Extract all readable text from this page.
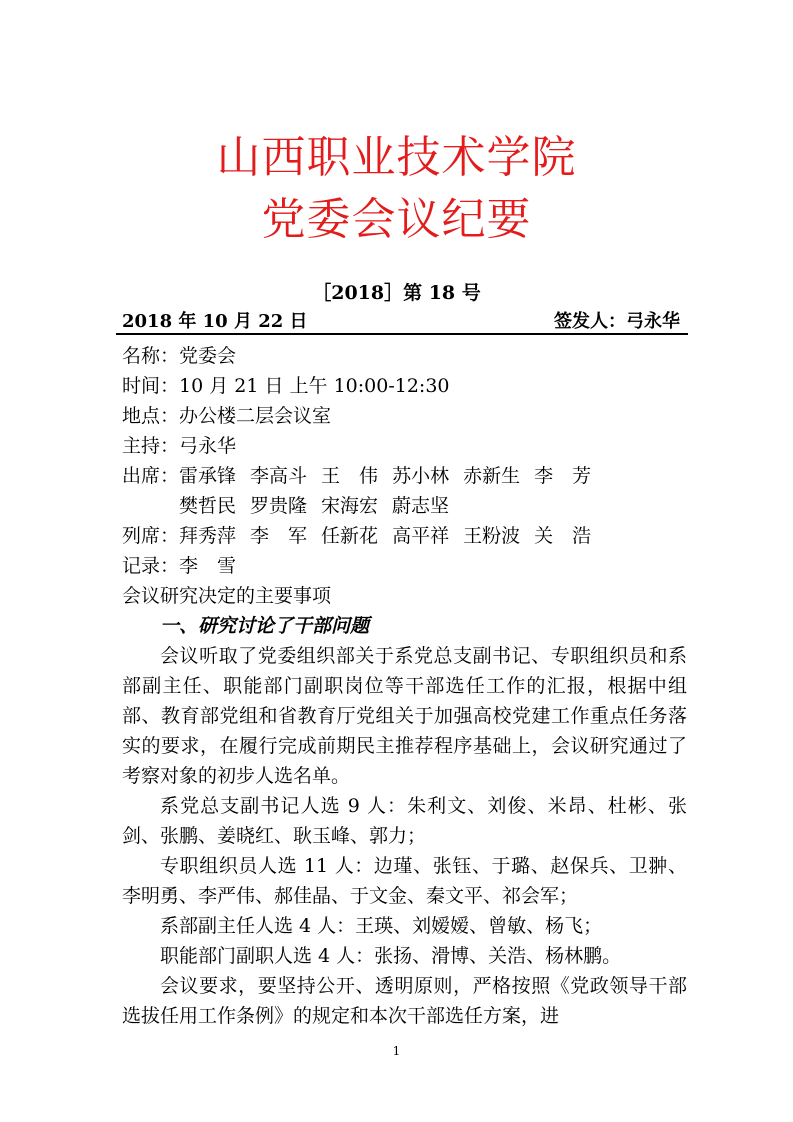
山西职业技术学院
党委会议纪要
［2018］第 18 号
2018 年 10 月 22 日	签发人：弓永华
名称：党委会
时间：10 月 21 日 上午 10:00-12:30
地点：办公楼二层会议室
主持：弓永华
出席：雷承锋 李高斗 王　伟 苏小林 赤新生 李　芳
樊哲民 罗贵隆 宋海宏 蔚志坚
列席：拜秀萍 李　军 任新花 高平祥 王粉波 关　浩
记录：李　雪
会议研究决定的主要事项
一、研究讨论了干部问题

会议听取了党委组织部关于系党总支副书记、专职组织员和系部副主任、职能部门副职岗位等干部选任工作的汇报，根据中组部、教育部党组和省教育厅党组关于加强高校党建工作重点任务落实的要求，在履行完成前期民主推荐程序基础上，会议研究通过了考察对象的初步人选名单。

系党总支副书记人选 9 人：朱利文、刘俊、米昂、杜彬、张剑、张鹏、姜晓红、耿玉峰、郭力；

专职组织员人选 11 人：边瑾、张钰、于璐、赵保兵、卫翀、李明勇、李严伟、郝佳晶、于文金、秦文平、祁会军；

系部副主任人选 4 人：王瑛、刘嫒嫒、曾敏、杨飞；

职能部门副职人选 4 人：张扬、滑博、关浩、杨林鹏。

会议要求，要坚持公开、透明原则，严格按照《党政领导干部选拔任用工作条例》的规定和本次干部选任方案，进

1
